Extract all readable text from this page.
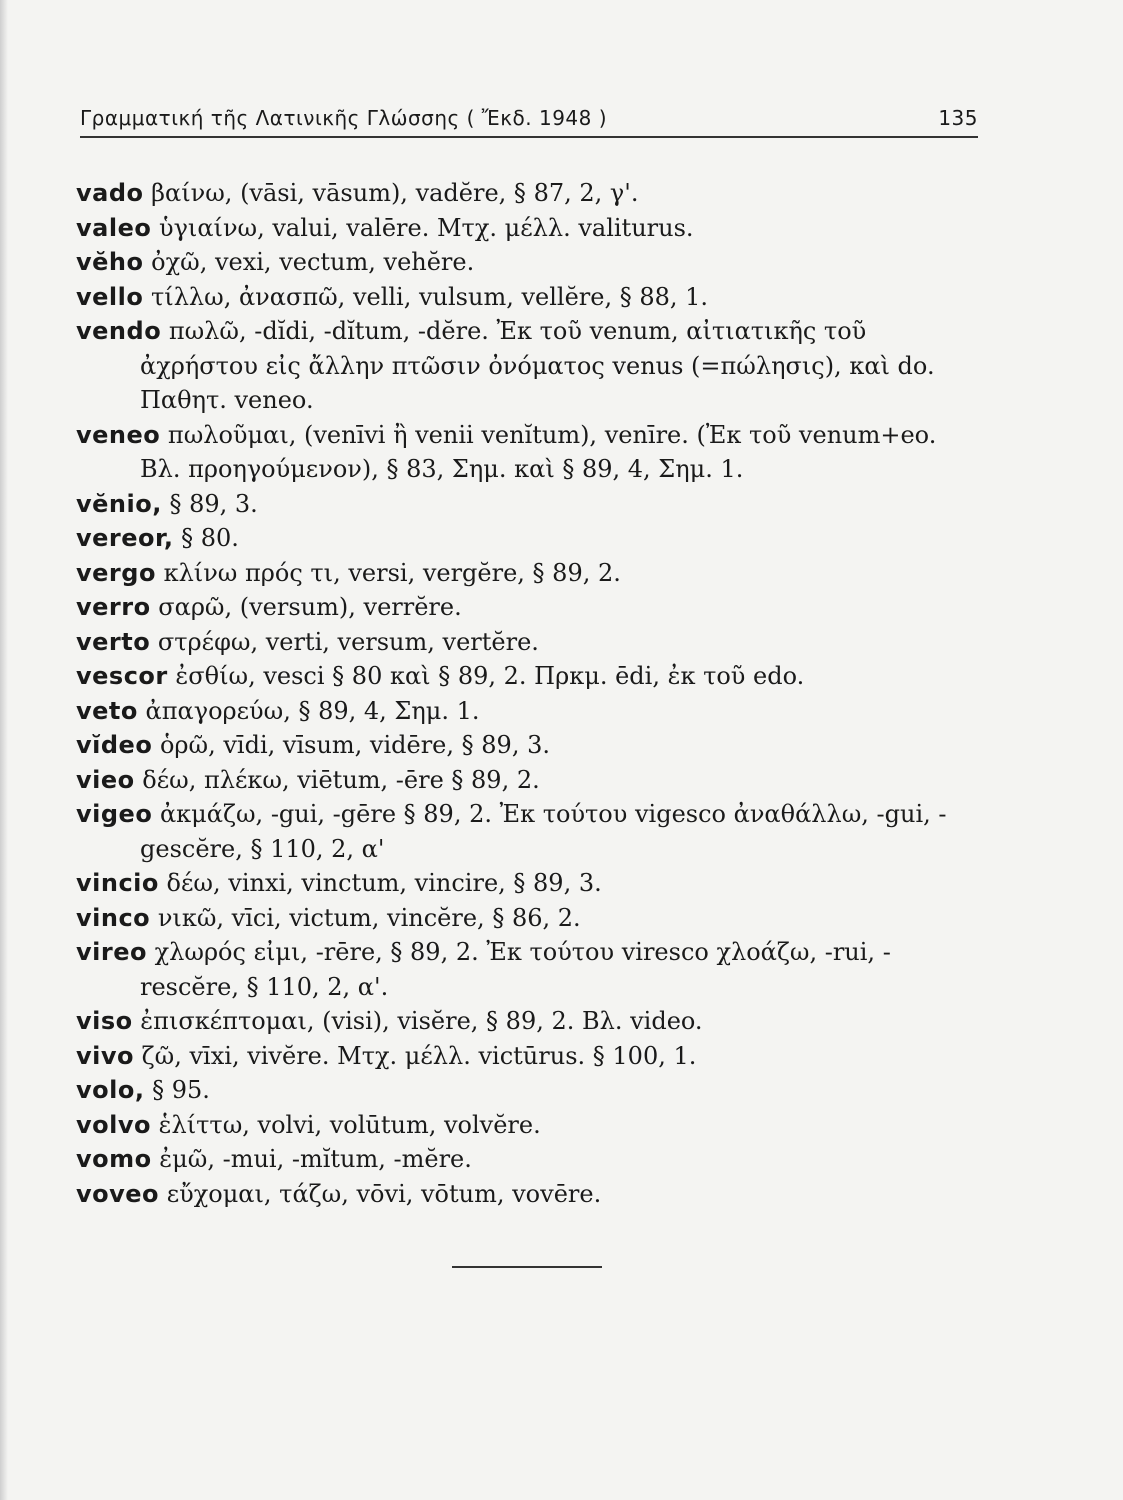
Γραμματική τῆς Λατινικῆς Γλώσσης ( Ἔκδ. 1948 )	135
vado βαίνω, (vāsi, vāsum), vadĕre, § 87, 2, γ'.
valeo ὑγιαίνω, valui, valēre. Μτχ. μέλλ. valiturus.
vĕho ὀχῶ, vexi, vectum, vehĕre.
vello τίλλω, ἀνασπῶ, velli, vulsum, vellĕre, § 88, 1.
vendo πωλῶ, -dĭdi, -dĭtum, -dĕre. Ἐκ τοῦ venum, αἰτιατικῆς τοῦ ἀχρήστου εἰς ἄλλην πτῶσιν ὀνόματος venus (=πώλησις), καὶ do. Παθητ. veneo.
veneo πωλοῦμαι, (venīvi ἢ venii venĭtum), venīre. (Ἐκ τοῦ venum+eo. Βλ. προηγούμενον), § 83, Σημ. καὶ § 89, 4, Σημ. 1.
vĕnio, § 89, 3.
vereor, § 80.
vergo κλίνω πρός τι, versi, vergĕre, § 89, 2.
verro σαρῶ, (versum), verrĕre.
verto στρέφω, verti, versum, vertĕre.
vescor ἐσθίω, vesci § 80 καὶ § 89, 2. Πρκμ. ēdi, ἐκ τοῦ edo.
veto ἀπαγορεύω, § 89, 4, Σημ. 1.
vĭdeo ὁρῶ, vīdi, vīsum, vidēre, § 89, 3.
vieo δέω, πλέκω, viētum, -ēre § 89, 2.
vigeo ἀκμάζω, -gui, -gēre § 89, 2. Ἐκ τούτου vigesco ἀναθάλλω, -gui, -gescĕre, § 110, 2, α'
vincio δέω, vinxi, vinctum, vincire, § 89, 3.
vinco νικῶ, vīci, victum, vincĕre, § 86, 2.
vireo χλωρός εἰμι, -rēre, § 89, 2. Ἐκ τούτου viresco χλοάζω, -rui, -rescĕre, § 110, 2, α'.
viso ἐπισκέπτομαι, (visi), visĕre, § 89, 2. Βλ. video.
vivo ζῶ, vīxi, vivĕre. Μτχ. μέλλ. victūrus. § 100, 1.
volo, § 95.
volvo ἑλίττω, volvi, volūtum, volvĕre.
vomo ἐμῶ, -mui, -mĭtum, -mĕre.
voveo εὔχομαι, τάζω, vōvi, vōtum, vovēre.
